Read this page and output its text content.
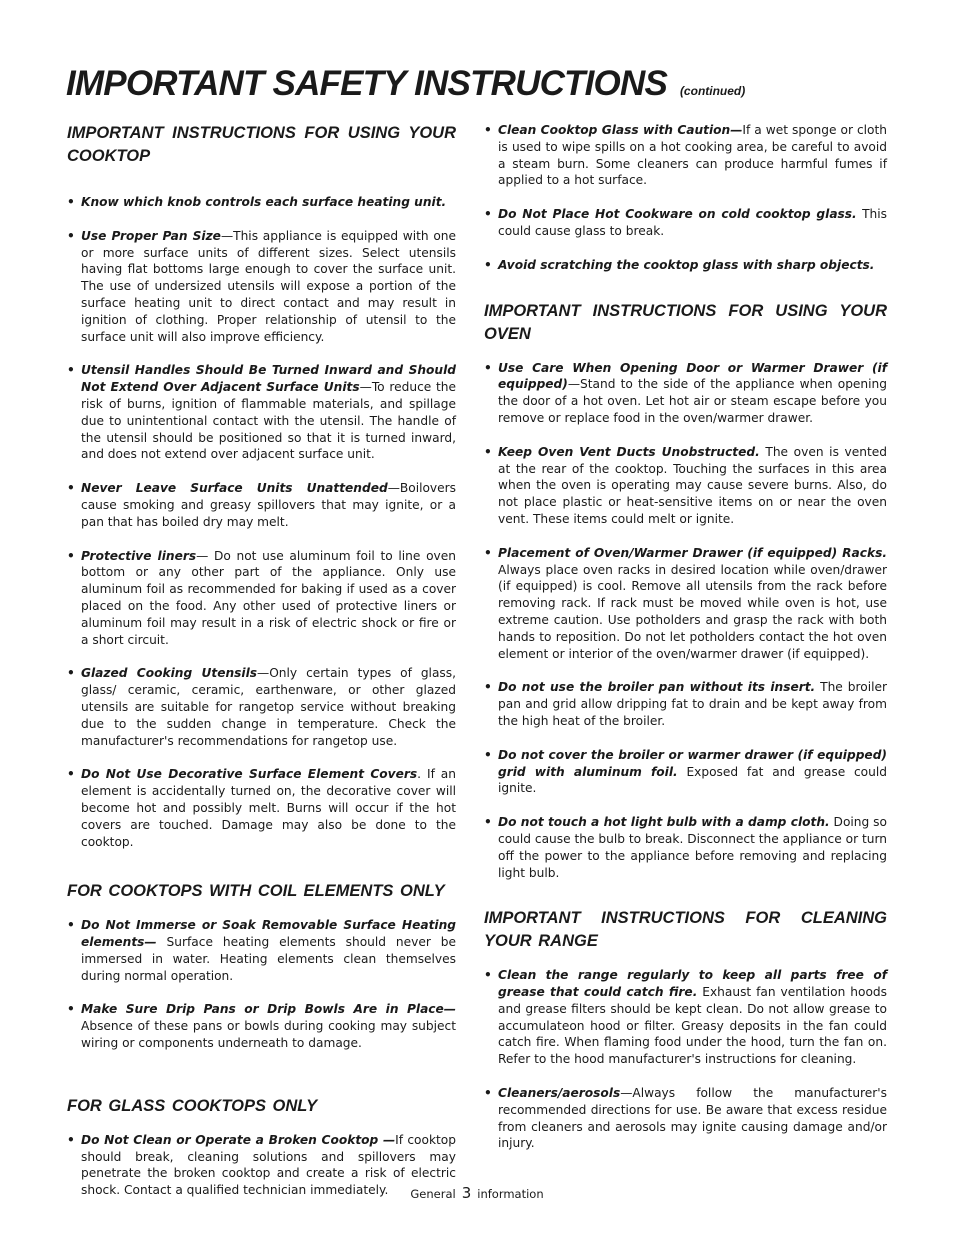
IMPORTANT SAFETY INSTRUCTIONS (continued)
IMPORTANT INSTRUCTIONS FOR USING YOUR COOKTOP

• Know which knob controls each surface heating unit.

• Use Proper Pan Size—This appliance is equipped with one or more surface units of different sizes. Select utensils having flat bottoms large enough to cover the surface unit. The use of undersized utensils will expose a portion of the surface heating unit to direct contact and may result in ignition of clothing. Proper relationship of utensil to the surface unit will also improve efficiency.

• Utensil Handles Should Be Turned Inward and Should Not Extend Over Adjacent Surface Units—To reduce the risk of burns, ignition of flammable materials, and spillage due to unintentional contact with the utensil. The handle of the utensil should be positioned so that it is turned inward, and does not extend over adjacent surface unit.

• Never Leave Surface Units Unattended—Boilovers cause smoking and greasy spillovers that may ignite, or a pan that has boiled dry may melt.

• Protective liners— Do not use aluminum foil to line oven bottom or any other part of the appliance. Only use aluminum foil as recommended for baking if used as a cover placed on the food. Any other used of protective liners or aluminum foil may result in a risk of electric shock or fire or a short circuit.

• Glazed Cooking Utensils—Only certain types of glass, glass/ ceramic, ceramic, earthenware, or other glazed utensils are suitable for rangetop service without breaking due to the sudden change in temperature. Check the manufacturer's recommendations for rangetop use.

• Do Not Use Decorative Surface Element Covers. If an element is accidentally turned on, the decorative cover will become hot and possibly melt. Burns will occur if the hot covers are touched. Damage may also be done to the cooktop.

FOR COOKTOPS WITH COIL ELEMENTS ONLY

• Do Not Immerse or Soak Removable Surface Heating elements— Surface heating elements should never be immersed in water. Heating elements clean themselves during normal operation.

• Make Sure Drip Pans or Drip Bowls Are in Place—Absence of these pans or bowls during cooking may subject wiring or components underneath to damage.

FOR GLASS COOKTOPS ONLY

• Do Not Clean or Operate a Broken Cooktop —If cooktop should break, cleaning solutions and spillovers may penetrate the broken cooktop and create a risk of electric shock. Contact a qualified technician immediately.

• Clean Cooktop Glass with Caution—If a wet sponge or cloth is used to wipe spills on a hot cooking area, be careful to avoid a steam burn. Some cleaners can produce harmful fumes if applied to a hot surface.

• Do Not Place Hot Cookware on cold cooktop glass. This could cause glass to break.

• Avoid scratching the cooktop glass with sharp objects.

IMPORTANT INSTRUCTIONS FOR USING YOUR OVEN

• Use Care When Opening Door or Warmer Drawer (if equipped)—Stand to the side of the appliance when opening the door of a hot oven. Let hot air or steam escape before you remove or replace food in the oven/warmer drawer.

• Keep Oven Vent Ducts Unobstructed. The oven is vented at the rear of the cooktop. Touching the surfaces in this area when the oven is operating may cause severe burns. Also, do not place plastic or heat-sensitive items on or near the oven vent. These items could melt or ignite.

• Placement of Oven/Warmer Drawer (if equipped) Racks. Always place oven racks in desired location while oven/drawer (if equipped) is cool. Remove all utensils from the rack before removing rack. If rack must be moved while oven is hot, use extreme caution. Use potholders and grasp the rack with both hands to reposition. Do not let potholders contact the hot oven element or interior of the oven/warmer drawer (if equipped).

• Do not use the broiler pan without its insert. The broiler pan and grid allow dripping fat to drain and be kept away from the high heat of the broiler.

• Do not cover the broiler or warmer drawer (if equipped) grid with aluminum foil. Exposed fat and grease could ignite.

• Do not touch a hot light bulb with a damp cloth. Doing so could cause the bulb to break. Disconnect the appliance or turn off the power to the appliance before removing and replacing light bulb.

IMPORTANT INSTRUCTIONS FOR CLEANING YOUR RANGE

• Clean the range regularly to keep all parts free of grease that could catch fire. Exhaust fan ventilation hoods and grease filters should be kept clean. Do not allow grease to accumulateon hood or filter. Greasy deposits in the fan could catch fire. When flaming food under the hood, turn the fan on. Refer to the hood manufacturer's instructions for cleaning.

• Cleaners/aerosols—Always follow the manufacturer's recommended directions for use. Be aware that excess residue from cleaners and aerosols may ignite causing damage and/or injury.

General 3 information
